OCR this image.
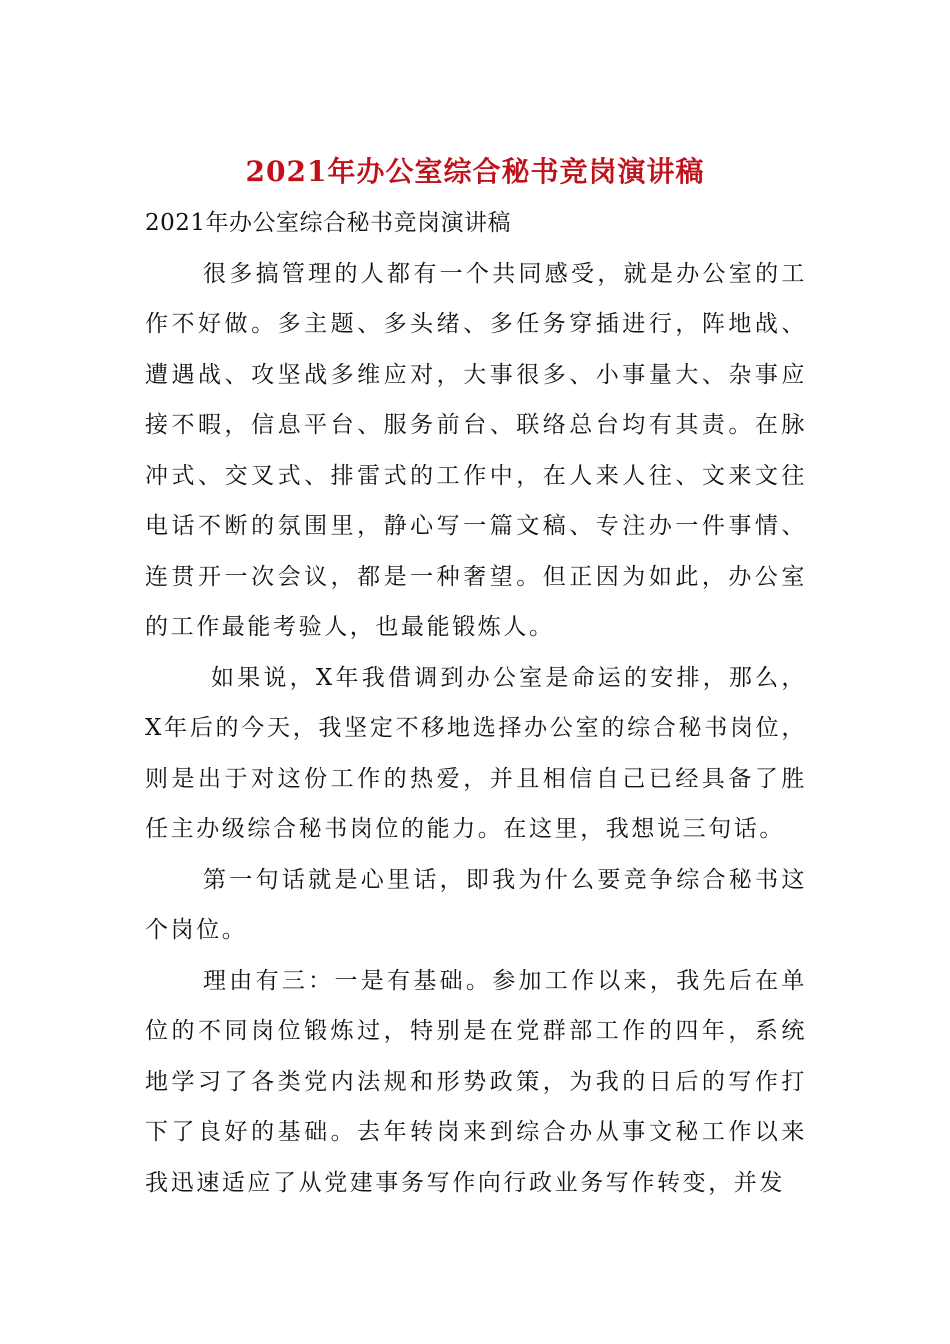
2021年办公室综合秘书竞岗演讲稿

2021年办公室综合秘书竞岗演讲稿

很多搞管理的人都有一个共同感受，就是办公室的工作不好做。多主题、多头绪、多任务穿插进行，阵地战、遭遇战、攻坚战多维应对，大事很多、小事量大、杂事应接不暇，信息平台、服务前台、联络总台均有其责。在脉冲式、交叉式、排雷式的工作中，在人来人往、文来文往电话不断的氛围里，静心写一篇文稿、专注办一件事情、连贯开一次会议，都是一种奢望。但正因为如此，办公室的工作最能考验人，也最能锻炼人。

如果说，X年我借调到办公室是命运的安排，那么，X年后的今天，我坚定不移地选择办公室的综合秘书岗位，则是出于对这份工作的热爱，并且相信自己已经具备了胜任主办级综合秘书岗位的能力。在这里，我想说三句话。

第一句话就是心里话，即我为什么要竞争综合秘书这个岗位。

理由有三：一是有基础。参加工作以来，我先后在单位的不同岗位锻炼过，特别是在党群部工作的四年，系统地学习了各类党内法规和形势政策，为我的日后的写作打下了良好的基础。去年转岗来到综合办从事文秘工作以来我迅速适应了从党建事务写作向行政业务写作转变，并发
